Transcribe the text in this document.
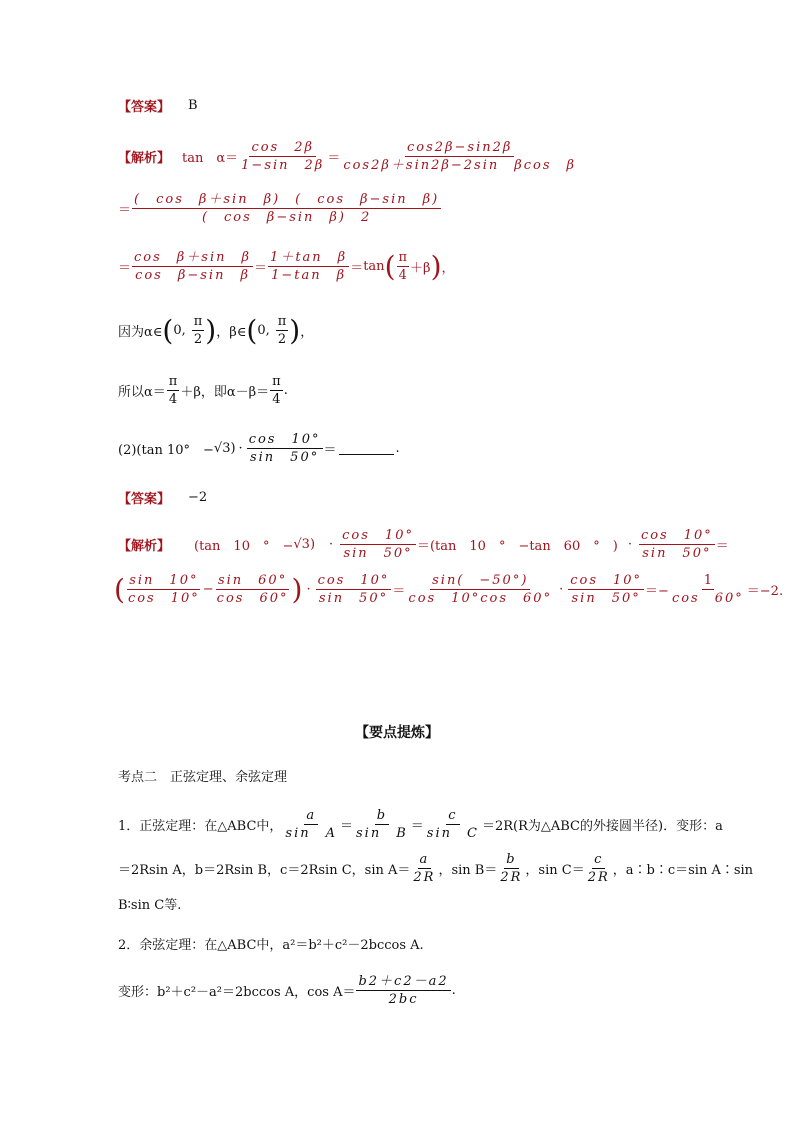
【答案】 B
【解析】 tan　$\alpha= \frac{\cos 2\beta}{1-\sin 2\beta} = \frac{\cos 2\beta-\sin 2\beta}{\text{cos2β＋sin2β−2sin　βcos　β}}$
＝ $\frac{\text{(　cos　β＋sin　β)　(　cos　β−sin　β)}}{\text{(　cos　β−sin　β)　2}}$
＝ $\frac{\text{cos　β＋sin　β}}{\text{cos　β−sin　β}} = \frac{\text{1＋tan　β}}{\text{1−tan　β}} = \tan$ ( $\frac{\pi}{4} +\beta$ ) ，
因为α∈ ( 0, $\frac{\pi}{2}$ ) ，β∈ ( 0, $\frac{\pi}{2}$ ) ，
所以$\alpha= \frac{\pi}{4} +\beta$，即$\alpha-\beta= \frac{\pi}{4}$ .
(2)(tan 10°　− √3 ) · $\frac{\cos 10^\circ}{\sin 50^\circ}$ ＝	.
【答案】 −2
【解析】 (tan　10　°　− √3 ) · $\frac{\cos 10^\circ}{\sin 50^\circ} =(\tan$　10　°　−tan　60　°　) · $\frac{\cos 10^\circ}{\sin 50^\circ}$ ＝
( $\frac{\sin 10^\circ}{\cos 10^\circ} - \frac{\sin 60^\circ}{\cos 60^\circ}$ ) · $\frac{\cos 10^\circ}{\sin 50^\circ} = \frac{\sin( -50^\circ)}{\cos 10^\circ\cos 60^\circ} \cdot \frac{\cos 10^\circ}{\sin 50^\circ} =- \frac{1}{\cos 60^\circ} =-2$.
【要点提炼】
考点二　正弦定理、余弦定理
1．正弦定理：在△ABC中， $\frac{a}{\text{sin　A}} = \frac{b}{\text{sin　B}} = \frac{c}{\text{sin　C}} =2R(R$为△ABC的外接圆半径)．变形：a
＝2Rsin A，b＝2Rsin B，c＝2Rsin C，$\sin A= \frac{a}{2R}$ ，$\sin B= \frac{b}{2R}$ ，$\sin C= \frac{c}{2R}$ ，a∶b∶c＝sin A∶sin
B∶sin C等.
2．余弦定理：在△ABC中，a²＝b²＋c²－2bccos A.
变形：b²＋c²－a²＝2bccos A，$\cos A= \frac{b2+c2-a2}{2bc}$ .
